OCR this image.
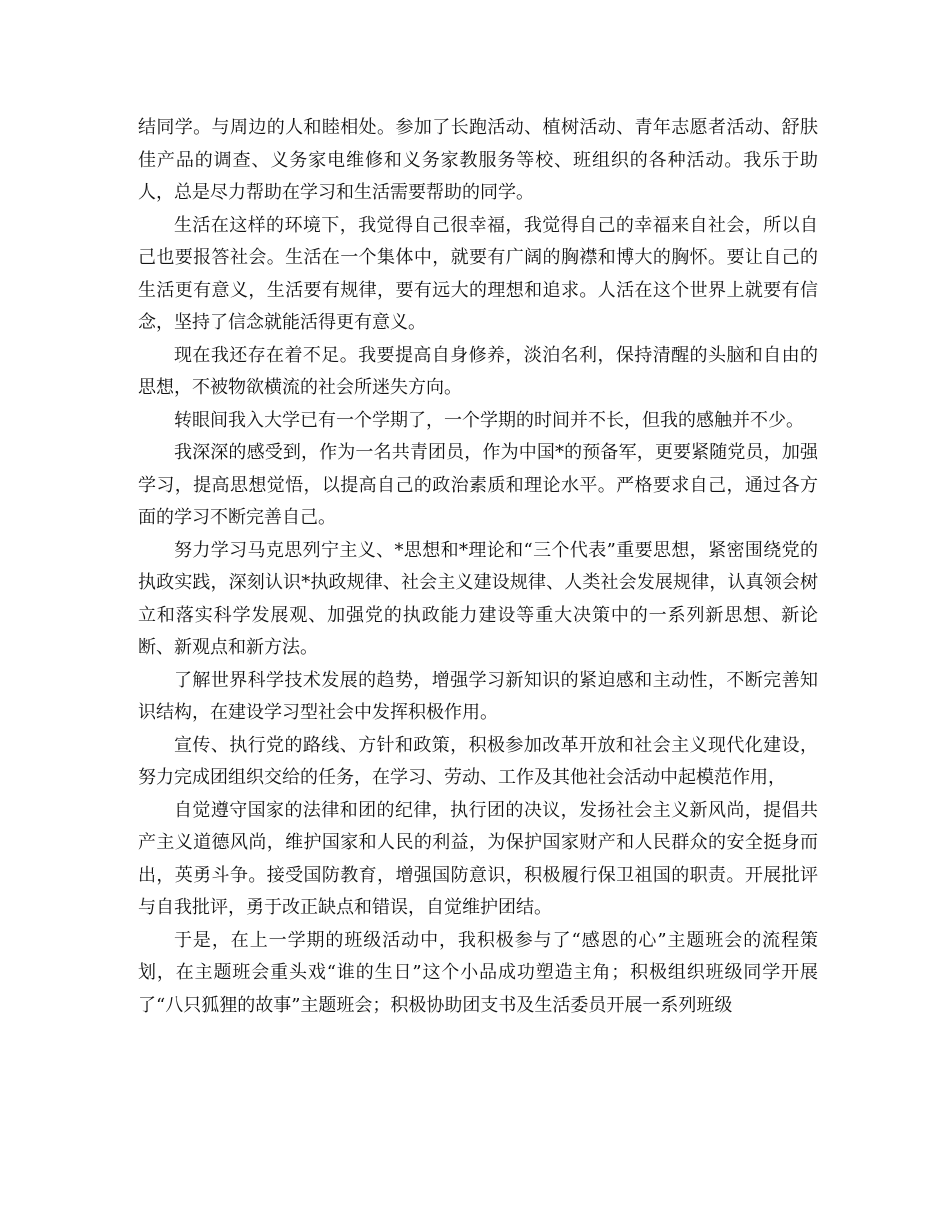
结同学。与周边的人和睦相处。参加了长跑活动、植树活动、青年志愿者活动、舒肤佳产品的调查、义务家电维修和义务家教服务等校、班组织的各种活动。我乐于助人，总是尽力帮助在学习和生活需要帮助的同学。

生活在这样的环境下，我觉得自己很幸福，我觉得自己的幸福来自社会，所以自己也要报答社会。生活在一个集体中，就要有广阔的胸襟和博大的胸怀。要让自己的生活更有意义，生活要有规律，要有远大的理想和追求。人活在这个世界上就要有信念，坚持了信念就能活得更有意义。

现在我还存在着不足。我要提高自身修养，淡泊名利，保持清醒的头脑和自由的思想，不被物欲横流的社会所迷失方向。

转眼间我入大学已有一个学期了，一个学期的时间并不长，但我的感触并不少。

我深深的感受到，作为一名共青团员，作为中国*的预备军，更要紧随党员，加强学习，提高思想觉悟，以提高自己的政治素质和理论水平。严格要求自己，通过各方面的学习不断完善自己。

努力学习马克思列宁主义、*思想和*理论和“三个代表”重要思想，紧密围绕党的执政实践，深刻认识*执政规律、社会主义建设规律、人类社会发展规律，认真领会树立和落实科学发展观、加强党的执政能力建设等重大决策中的一系列新思想、新论断、新观点和新方法。

了解世界科学技术发展的趋势，增强学习新知识的紧迫感和主动性，不断完善知识结构，在建设学习型社会中发挥积极作用。

宣传、执行党的路线、方针和政策，积极参加改革开放和社会主义现代化建设，努力完成团组织交给的任务，在学习、劳动、工作及其他社会活动中起模范作用，

自觉遵守国家的法律和团的纪律，执行团的决议，发扬社会主义新风尚，提倡共产主义道德风尚，维护国家和人民的利益，为保护国家财产和人民群众的安全挺身而出，英勇斗争。接受国防教育，增强国防意识，积极履行保卫祖国的职责。开展批评与自我批评，勇于改正缺点和错误，自觉维护团结。

于是，在上一学期的班级活动中，我积极参与了“感恩的心”主题班会的流程策划，在主题班会重头戏“谁的生日”这个小品成功塑造主角；积极组织班级同学开展了“八只狐狸的故事”主题班会；积极协助团支书及生活委员开展一系列班级
